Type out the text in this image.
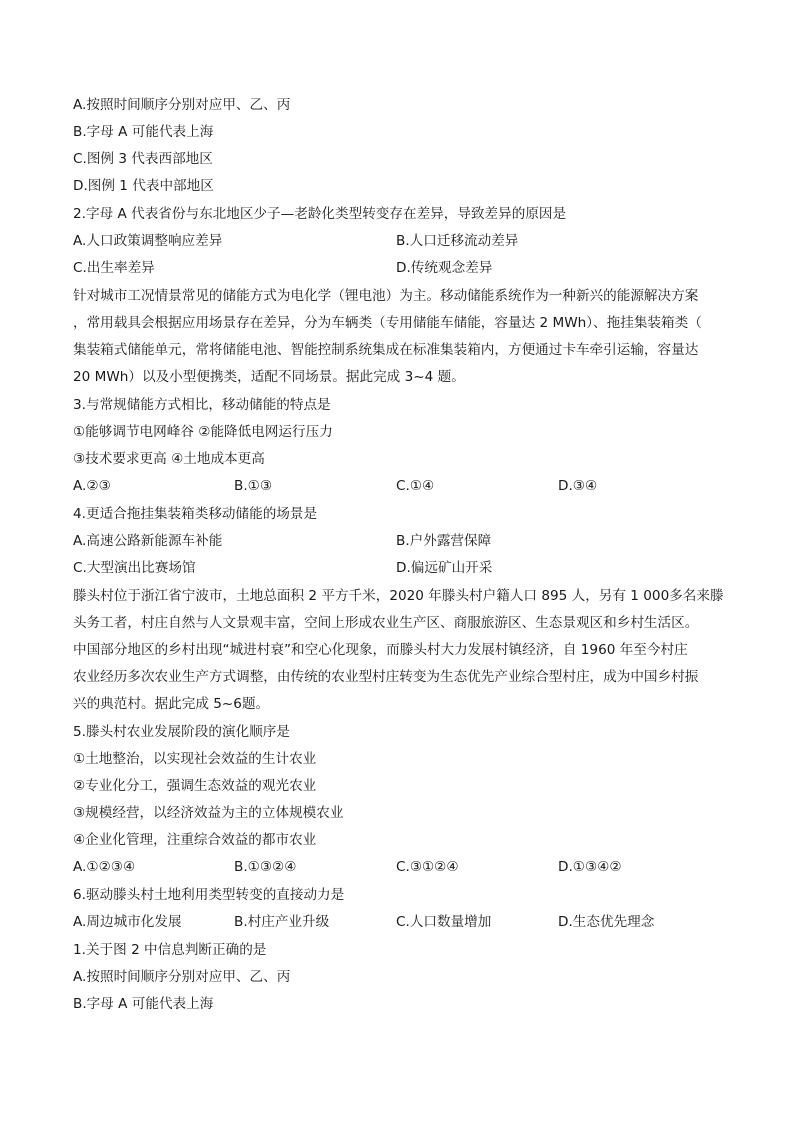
A.按照时间顺序分别对应甲、乙、丙
B.字母 A 可能代表上海
C.图例 3 代表西部地区
D.图例 1 代表中部地区
2.字母 A 代表省份与东北地区少子—老龄化类型转变存在差异，导致差异的原因是
A.人口政策调整响应差异	B.人口迁移流动差异
C.出生率差异	D.传统观念差异
针对城市工况情景常见的储能方式为电化学（锂电池）为主。移动储能系统作为一种新兴的能源解决方案
，常用载具会根据应用场景存在差异，分为车辆类（专用储能车储能，容量达 2 MWh）、拖挂集装箱类（
集装箱式储能单元，常将储能电池、智能控制系统集成在标准集装箱内，方便通过卡车牵引运输，容量达
20 MWh）以及小型便携类，适配不同场景。据此完成 3~4 题。
3.与常规储能方式相比，移动储能的特点是
①能够调节电网峰谷 ②能降低电网运行压力
③技术要求更高 ④土地成本更高
A.②③	B.①③	C.①④	D.③④
4.更适合拖挂集装箱类移动储能的场景是
A.高速公路新能源车补能	B.户外露营保障
C.大型演出比赛场馆	D.偏远矿山开采
滕头村位于浙江省宁波市，土地总面积 2 平方千米，2020 年滕头村户籍人口 895 人，另有 1 000多名来滕
头务工者，村庄自然与人文景观丰富，空间上形成农业生产区、商服旅游区、生态景观区和乡村生活区。
中国部分地区的乡村出现“城进村衰”和空心化现象，而滕头村大力发展村镇经济，自 1960 年至今村庄
农业经历多次农业生产方式调整，由传统的农业型村庄转变为生态优先产业综合型村庄，成为中国乡村振
兴的典范村。据此完成 5~6题。
5.滕头村农业发展阶段的演化顺序是
①土地整治，以实现社会效益的生计农业
②专业化分工，强调生态效益的观光农业
③规模经营，以经济效益为主的立体规模农业
④企业化管理，注重综合效益的都市农业
A.①②③④	B.①③②④	C.③①②④	D.①③④②
6.驱动滕头村土地利用类型转变的直接动力是
A.周边城市化发展	B.村庄产业升级	C.人口数量增加	D.生态优先理念
1.关于图 2 中信息判断正确的是
A.按照时间顺序分别对应甲、乙、丙
B.字母 A 可能代表上海
